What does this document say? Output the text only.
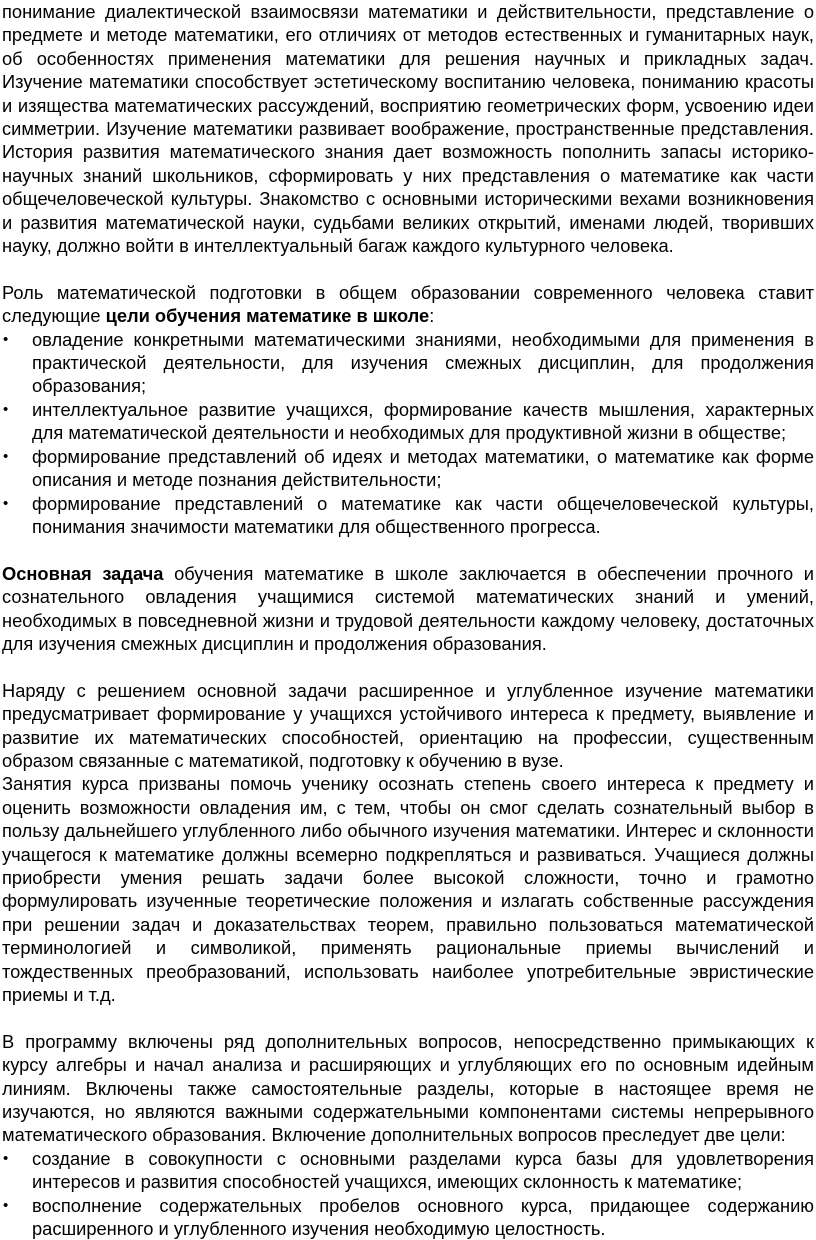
понимание диалектической взаимосвязи математики и действительности, представление о предмете и методе математики, его отличиях от методов естественных и гуманитарных наук, об особенностях применения математики для решения научных и прикладных задач. Изучение математики способствует эстетическому воспитанию человека, пониманию красоты и изящества математических рассуждений, восприятию геометрических форм, усвоению идеи симметрии. Изучение математики развивает воображение, пространственные представления. История развития математического знания дает возможность пополнить запасы историко-научных знаний школьников, сформировать у них представления о математике как части общечеловеческой культуры. Знакомство с основными историческими вехами возникновения и развития математической науки, судьбами великих открытий, именами людей, творивших науку, должно войти в интеллектуальный багаж каждого культурного человека.

Роль математической подготовки в общем образовании современного человека ставит следующие цели обучения математике в школе:

• овладение конкретными математическими знаниями, необходимыми для применения в практической деятельности, для изучения смежных дисциплин, для продолжения образования;
• интеллектуальное развитие учащихся, формирование качеств мышления, характерных для математической деятельности и необходимых для продуктивной жизни в обществе;
• формирование представлений об идеях и методах математики, о математике как форме описания и методе познания действительности;
• формирование представлений о математике как части общечеловеческой культуры, понимания значимости математики для общественного прогресса.

Основная задача обучения математике в школе заключается в обеспечении прочного и сознательного овладения учащимися системой математических знаний и умений, необходимых в повседневной жизни и трудовой деятельности каждому человеку, достаточных для изучения смежных дисциплин и продолжения образования.

Наряду с решением основной задачи расширенное и углубленное изучение математики предусматривает формирование у учащихся устойчивого интереса к предмету, выявление и развитие их математических способностей, ориентацию на профессии, существенным образом связанные с математикой, подготовку к обучению в вузе.

Занятия курса призваны помочь ученику осознать степень своего интереса к предмету и оценить возможности овладения им, с тем, чтобы он смог сделать сознательный выбор в пользу дальнейшего углубленного либо обычного изучения математики. Интерес и склонности учащегося к математике должны всемерно подкрепляться и развиваться. Учащиеся должны приобрести умения решать задачи более высокой сложности, точно и грамотно формулировать изученные теоретические положения и излагать собственные рассуждения при решении задач и доказательствах теорем, правильно пользоваться математической терминологией и символикой, применять рациональные приемы вычислений и тождественных преобразований, использовать наиболее употребительные эвристические приемы и т.д.

В программу включены ряд дополнительных вопросов, непосредственно примыкающих к курсу алгебры и начал анализа и расширяющих и углубляющих его по основным идейным линиям. Включены также самостоятельные разделы, которые в настоящее время не изучаются, но являются важными содержательными компонентами системы непрерывного математического образования. Включение дополнительных вопросов преследует две цели:

• создание в совокупности с основными разделами курса базы для удовлетворения интересов и развития способностей учащихся, имеющих склонность к математике;
• восполнение содержательных пробелов основного курса, придающее содержанию расширенного и углубленного изучения необходимую целостность.
